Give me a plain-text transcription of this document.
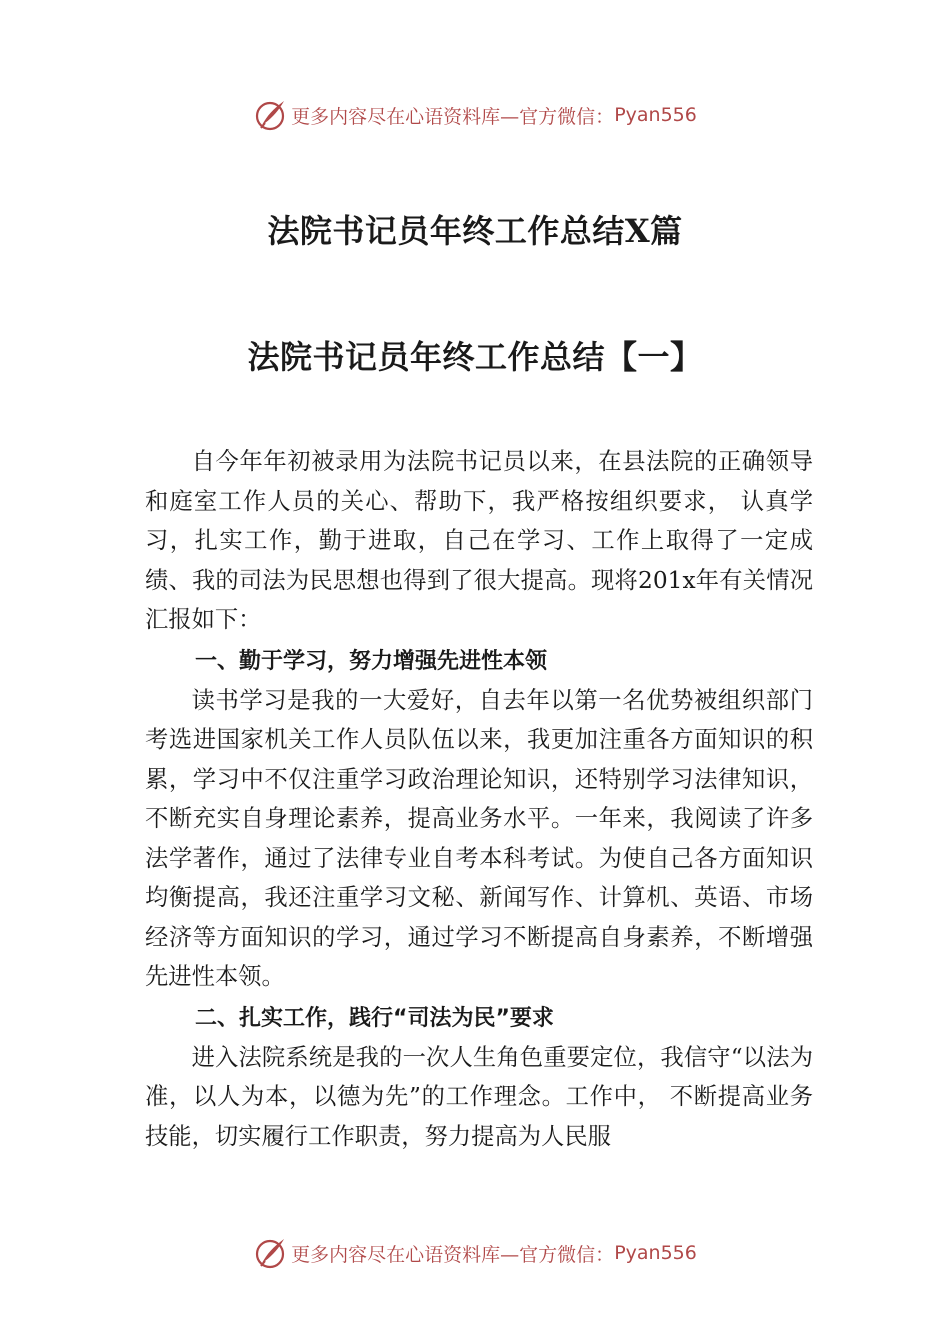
更多内容尽在心语资料库— 官方微信： Pyan556
法院书记员年终工作总结X篇
法院书记员年终工作总结【一】

自今年年初被录用为法院书记员以来，在县法院的正确领导和庭室工作人员的关心、帮助下，我严格按组织要求， 认真学习，扎实工作，勤于进取，自己在学习、工作上取得了一定成绩、我的司法为民思想也得到了很大提高。现将201x年有关情况汇报如下：

一、勤于学习，努力增强先进性本领

读书学习是我的一大爱好，自去年以第一名优势被组织部门考选进国家机关工作人员队伍以来，我更加注重各方面知识的积累，学习中不仅注重学习政治理论知识，还特别学习法律知识，不断充实自身理论素养，提高业务水平。一年来，我阅读了许多法学著作，通过了法律专业自考本科考试。为使自己各方面知识均衡提高，我还注重学习文秘、新闻写作、计算机、英语、市场经济等方面知识的学习，通过学习不断提高自身素养，不断增强先进性本领。

二、扎实工作，践行“司法为民”要求

进入法院系统是我的一次人生角色重要定位，我信守“以法为准，以人为本，以德为先”的工作理念。工作中， 不断提高业务技能，切实履行工作职责，努力提高为人民服

更多内容尽在心语资料库— 官方微信： Pyan556
